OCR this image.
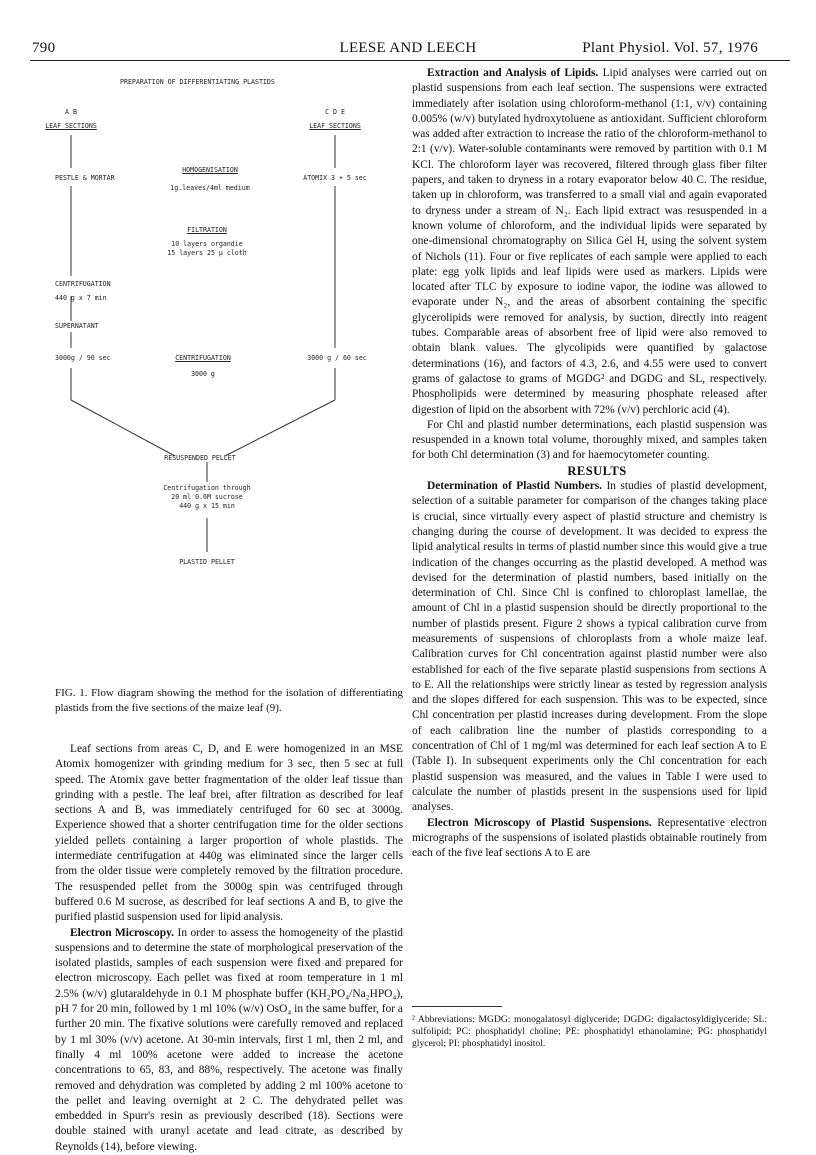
790	LEESE AND LEECH	Plant Physiol. Vol. 57, 1976
PREPARATION OF DIFFERENTIATING PLASTIDS
A B
LEAF SECTIONS
C D E
LEAF SECTIONS
PESTLE & MORTAR
HOMOGENISATION
1g.leaves/4ml medium
ATOMIX 3 + 5 sec
FILTRATION
10 layers organdie
15 layers 25 μ cloth
CENTRIFUGATION
440 g x 7 min
SUPERNATANT
3000g / 90 sec	CENTRIFUGATION
3000 g
3000 g / 60 sec
RESUSPENDED PELLET
Centrifugation through
20 ml 0.6M sucrose
440 g x 15 min
PLASTID PELLET
FIG. 1. Flow diagram showing the method for the isolation of differentiating plastids from the five sections of the maize leaf (9).

Leaf sections from areas C, D, and E were homogenized in an MSE Atomix homogenizer with grinding medium for 3 sec, then 5 sec at full speed. The Atomix gave better fragmentation of the older leaf tissue than grinding with a pestle. The leaf brei, after filtration as described for leaf sections A and B, was immediately centrifuged for 60 sec at 3000g. Experience showed that a shorter centrifugation time for the older sections yielded pellets containing a larger proportion of whole plastids. The intermediate centrifugation at 440g was eliminated since the larger cells from the older tissue were completely removed by the filtration procedure. The resuspended pellet from the 3000g spin was centrifuged through buffered 0.6 M sucrose, as described for leaf sections A and B, to give the purified plastid suspension used for lipid analysis.

Electron Microscopy. In order to assess the homogeneity of the plastid suspensions and to determine the state of morphological preservation of the isolated plastids, samples of each suspension were fixed and prepared for electron microscopy. Each pellet was fixed at room temperature in 1 ml 2.5% (w/v) glutaraldehyde in 0.1 M phosphate buffer (KH₂PO₄/Na₂HPO₄), pH 7 for 20 min, followed by 1 ml 10% (w/v) OsO₄ in the same buffer, for a further 20 min. The fixative solutions were carefully removed and replaced by 1 ml 30% (v/v) acetone. At 30-min intervals, first 1 ml, then 2 ml, and finally 4 ml 100% acetone were added to increase the acetone concentrations to 65, 83, and 88%, respectively. The acetone was finally removed and dehydration was completed by adding 2 ml 100% acetone to the pellet and leaving overnight at 2 C. The dehydrated pellet was embedded in Spurr's resin as previously described (18). Sections were double stained with uranyl acetate and lead citrate, as described by Reynolds (14), before viewing.

Extraction and Analysis of Lipids. Lipid analyses were carried out on plastid suspensions from each leaf section. The suspensions were extracted immediately after isolation using chloroform-methanol (1:1, v/v) containing 0.005% (w/v) butylated hydroxytoluene as antioxidant. Sufficient chloroform was added after extraction to increase the ratio of the chloroform-methanol to 2:1 (v/v). Water-soluble contaminants were removed by partition with 0.1 M KCl. The chloroform layer was recovered, filtered through glass fiber filter papers, and taken to dryness in a rotary evaporator below 40 C. The residue, taken up in chloroform, was transferred to a small vial and again evaporated to dryness under a stream of N₂. Each lipid extract was resuspended in a known volume of chloroform, and the individual lipids were separated by one-dimensional chromatography on Silica Gel H, using the solvent system of Nichols (11). Four or five replicates of each sample were applied to each plate: egg yolk lipids and leaf lipids were used as markers. Lipids were located after TLC by exposure to iodine vapor, the iodine was allowed to evaporate under N₂, and the areas of absorbent containing the specific glycerolipids were removed for analysis, by suction, directly into reagent tubes. Comparable areas of absorbent free of lipid were also removed to obtain blank values. The glycolipids were quantified by galactose determinations (16), and factors of 4.3, 2.6, and 4.55 were used to convert grams of galactose to grams of MGDG² and DGDG and SL, respectively. Phospholipids were determined by measuring phosphate released after digestion of lipid on the absorbent with 72% (v/v) perchloric acid (4).

For Chl and plastid number determinations, each plastid suspension was resuspended in a known total volume, thoroughly mixed, and samples taken for both Chl determination (3) and for haemocytometer counting.

RESULTS

Determination of Plastid Numbers. In studies of plastid development, selection of a suitable parameter for comparison of the changes taking place is crucial, since virtually every aspect of plastid structure and chemistry is changing during the course of development. It was decided to express the lipid analytical results in terms of plastid number since this would give a true indication of the changes occurring as the plastid developed. A method was devised for the determination of plastid numbers, based initially on the determination of Chl. Since Chl is confined to chloroplast lamellae, the amount of Chl in a plastid suspension should be directly proportional to the number of plastids present. Figure 2 shows a typical calibration curve from measurements of suspensions of chloroplasts from a whole maize leaf. Calibration curves for Chl concentration against plastid number were also established for each of the five separate plastid suspensions from sections A to E. All the relationships were strictly linear as tested by regression analysis and the slopes differed for each suspension. This was to be expected, since Chl concentration per plastid increases during development. From the slope of each calibration line the number of plastids corresponding to a concentration of Chl of 1 mg/ml was determined for each leaf section A to E (Table I). In subsequent experiments only the Chl concentration for each plastid suspension was measured, and the values in Table I were used to calculate the number of plastids present in the suspensions used for lipid analyses.

Electron Microscopy of Plastid Suspensions. Representative electron micrographs of the suspensions of isolated plastids obtainable routinely from each of the five leaf sections A to E are

² Abbreviations: MGDG: monogalatosyl diglyceride; DGDG: digalactosyldiglyceride; SL: sulfolipid; PC: phosphatidyl choline; PE: phosphatidyl ethanolamine; PG: phosphatidyl glycerol; PI: phosphatidyl inositol.
